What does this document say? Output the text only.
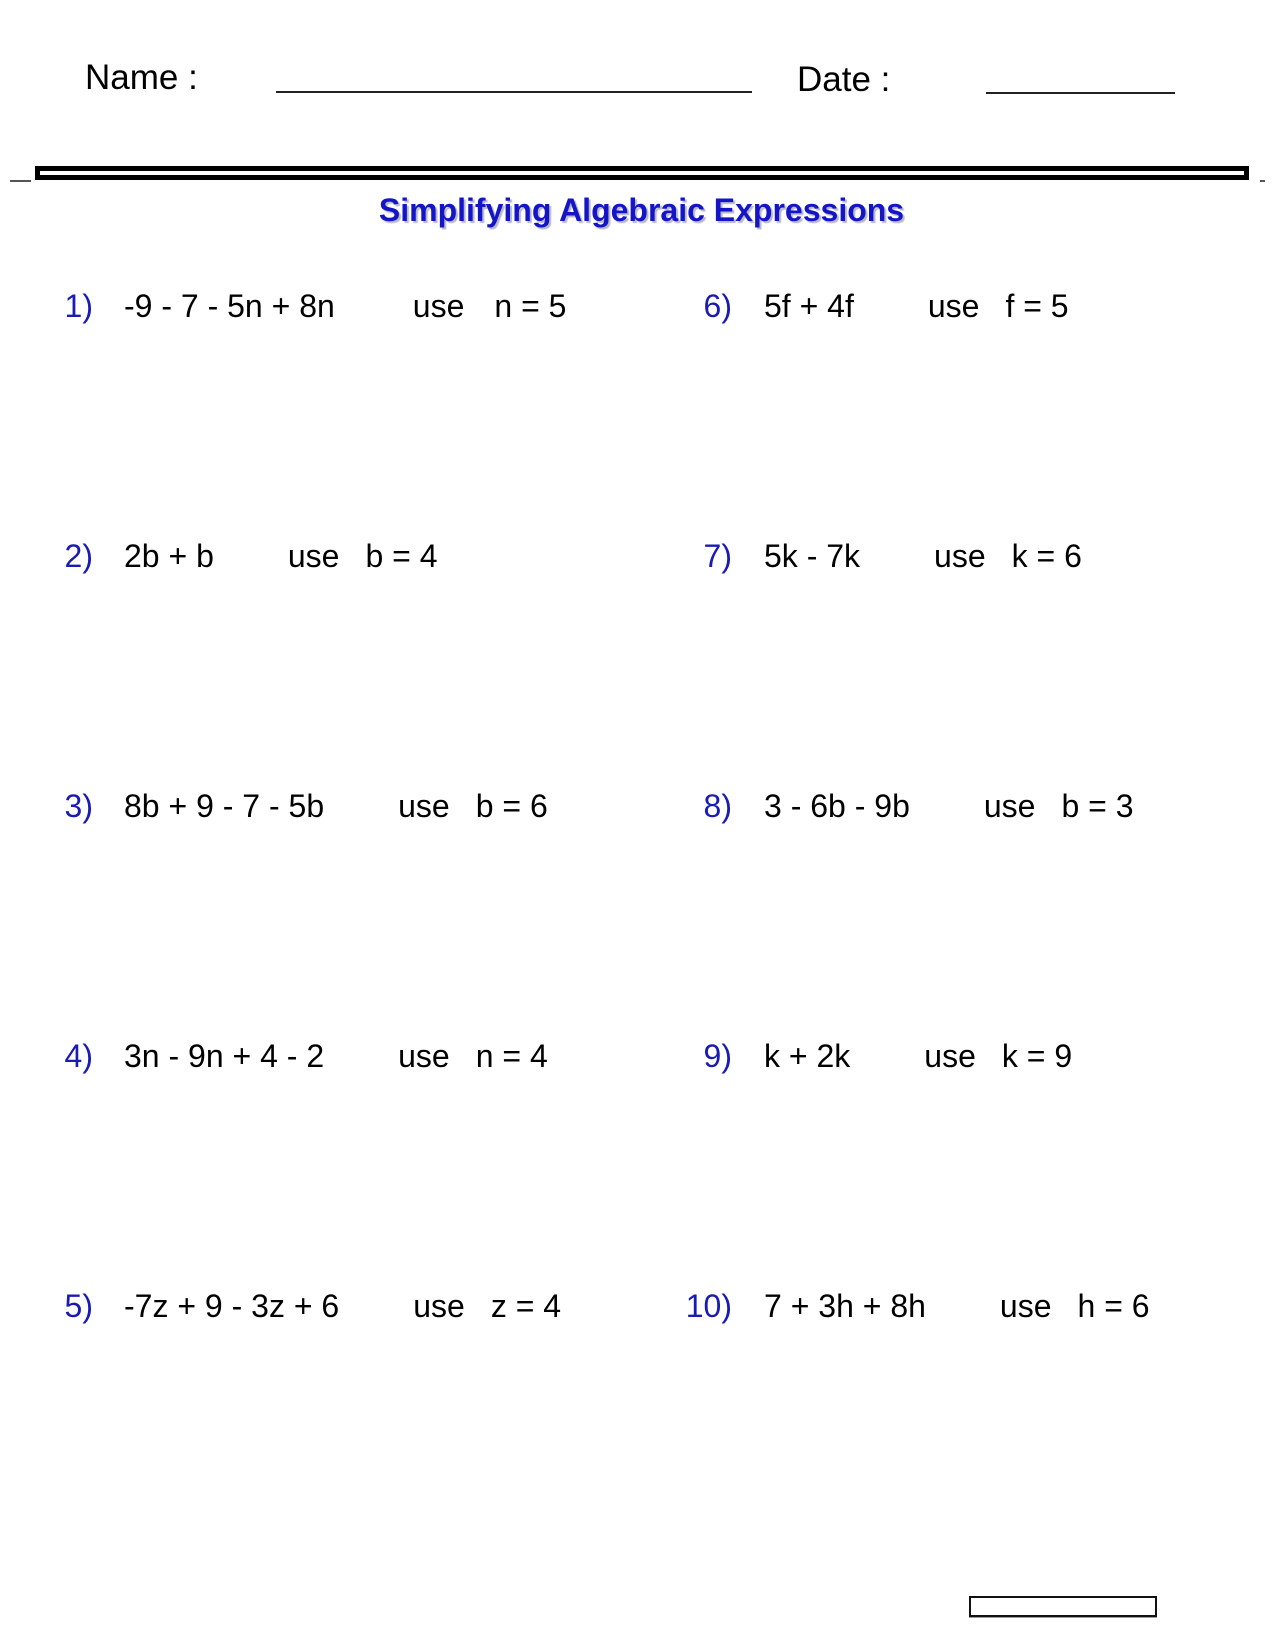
Name :	Date :
Simplifying Algebraic Expressions
1) -9 - 7 - 5n + 8n use n = 5
2) 2b + b use b = 4
3) 8b + 9 - 7 - 5b use b = 6
4) 3n - 9n + 4 - 2 use n = 4
5) -7z + 9 - 3z + 6 use z = 4
6) 5f + 4f use f = 5
7) 5k - 7k use k = 6
8) 3 - 6b - 9b use b = 3
9) k + 2k use k = 9
10) 7 + 3h + 8h use h = 6
